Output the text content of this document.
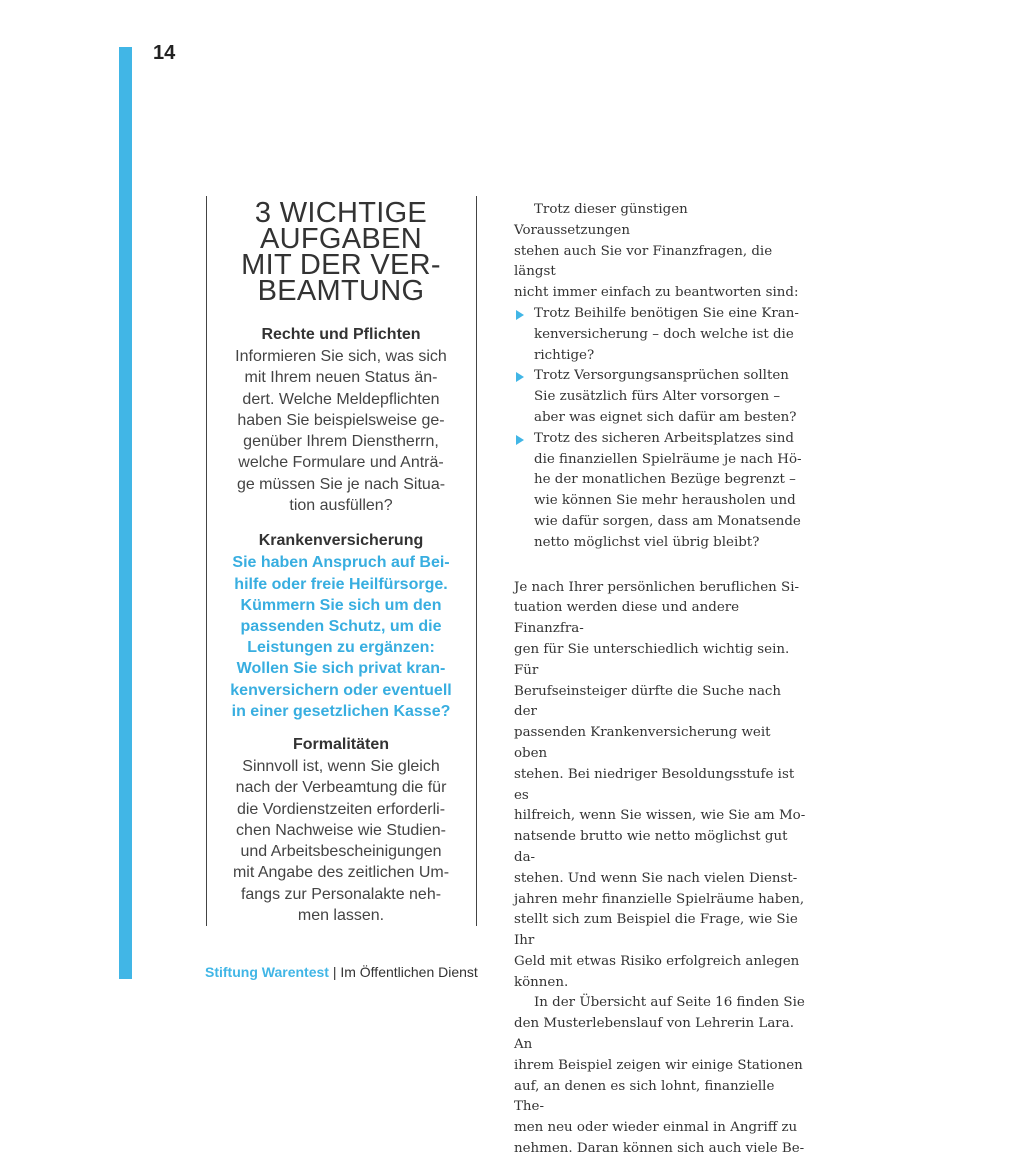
14
3 WICHTIGE
AUFGABEN
MIT DER VER-
BEAMTUNG
Rechte und Pflichten

Informieren Sie sich, was sich
mit Ihrem neuen Status än-
dert. Welche Meldepflichten
haben Sie beispielsweise ge-
genüber Ihrem Dienstherrn,
welche Formulare und Anträ-
ge müssen Sie je nach Situa-
tion ausfüllen?

Krankenversicherung

Sie haben Anspruch auf Bei-
hilfe oder freie Heilfürsorge.
Kümmern Sie sich um den
passenden Schutz, um die
Leistungen zu ergänzen:
Wollen Sie sich privat kran-
kenversichern oder eventuell
in einer gesetzlichen Kasse?

Formalitäten

Sinnvoll ist, wenn Sie gleich
nach der Verbeamtung die für
die Vordienstzeiten erforderli-
chen Nachweise wie Studien-
und Arbeitsbescheinigungen
mit Angabe des zeitlichen Um-
fangs zur Personalakte neh-
men lassen.

Trotz dieser günstigen Voraussetzungen
stehen auch Sie vor Finanzfragen, die längst
nicht immer einfach zu beantworten sind:

Trotz Beihilfe benötigen Sie eine Kran-
kenversicherung – doch welche ist die
richtige?
Trotz Versorgungsansprüchen sollten
Sie zusätzlich fürs Alter vorsorgen –
aber was eignet sich dafür am besten?
Trotz des sicheren Arbeitsplatzes sind
die finanziellen Spielräume je nach Hö-
he der monatlichen Bezüge begrenzt –
wie können Sie mehr herausholen und
wie dafür sorgen, dass am Monatsende
netto möglichst viel übrig bleibt?

Je nach Ihrer persönlichen beruflichen Si-
tuation werden diese und andere Finanzfra-
gen für Sie unterschiedlich wichtig sein. Für
Berufseinsteiger dürfte die Suche nach der
passenden Krankenversicherung weit oben
stehen. Bei niedriger Besoldungsstufe ist es
hilfreich, wenn Sie wissen, wie Sie am Mo-
natsende brutto wie netto möglichst gut da-
stehen. Und wenn Sie nach vielen Dienst-
jahren mehr finanzielle Spielräume haben,
stellt sich zum Beispiel die Frage, wie Sie Ihr
Geld mit etwas Risiko erfolgreich anlegen
können.

In der Übersicht auf Seite 16 finden Sie
den Musterlebenslauf von Lehrerin Lara. An
ihrem Beispiel zeigen wir einige Stationen
auf, an denen es sich lohnt, finanzielle The-
men neu oder wieder einmal in Angriff zu
nehmen. Daran können sich auch viele Be-

Stiftung Warentest | Im Öffentlichen Dienst
